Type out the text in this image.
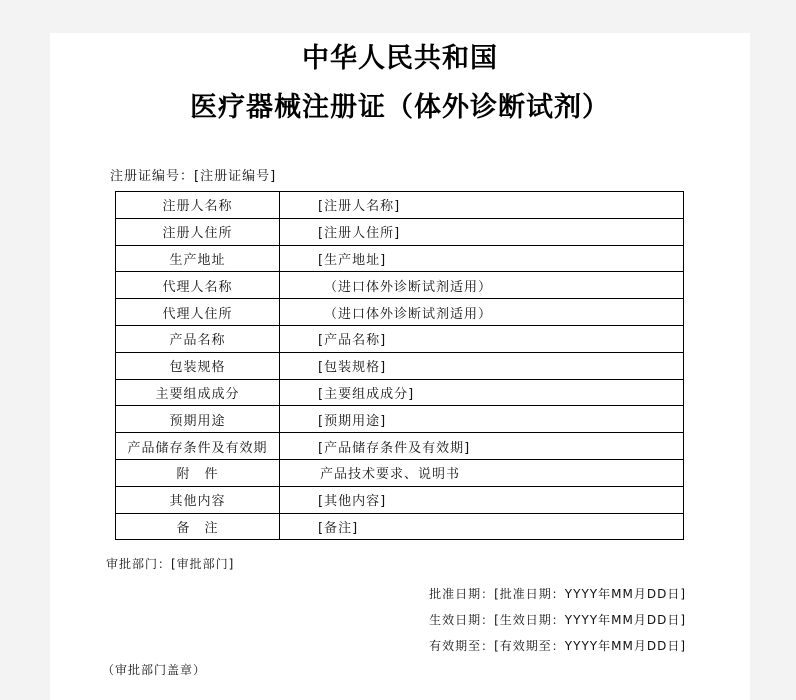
中华人民共和国
医疗器械注册证（体外诊断试剂）
注册证编号：[注册证编号]
注册人名称	[注册人名称]
注册人住所	[注册人住所]
生产地址	[生产地址]
代理人名称	（进口体外诊断试剂适用）
代理人住所	（进口体外诊断试剂适用）
产品名称	[产品名称]
包装规格	[包装规格]
主要组成成分	[主要组成成分]
预期用途	[预期用途]
产品储存条件及有效期	[产品储存条件及有效期]
附　件	产品技术要求、说明书
其他内容	[其他内容]
备　注	[备注]
审批部门：[审批部门]
批准日期：[批准日期：YYYY年MM月DD日]
生效日期：[生效日期：YYYY年MM月DD日]
有效期至：[有效期至：YYYY年MM月DD日]
（审批部门盖章）
